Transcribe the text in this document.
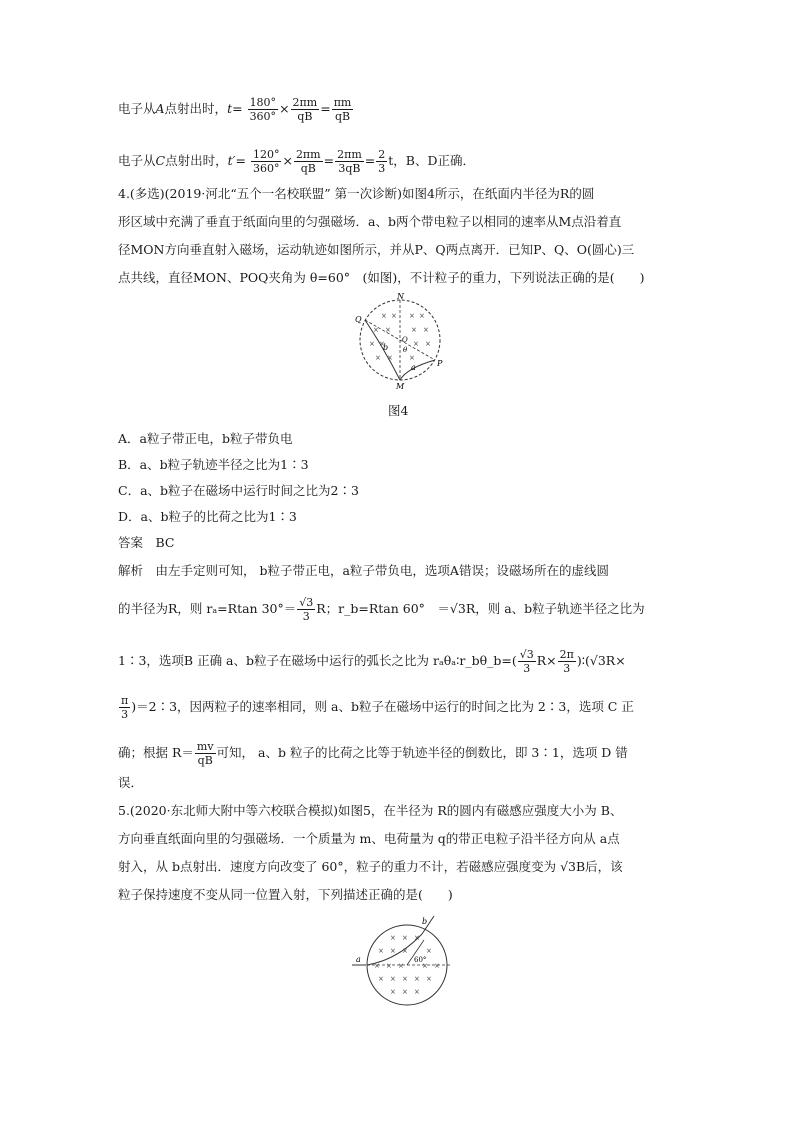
电子从A点射出时，$t= \frac{180^\circ}{360^\circ} \times \frac{2\pi m}{qB} = \frac{\pi m}{qB}$
电子从C点射出时，$t'= \frac{120^\circ}{360^\circ} \times \frac{2\pi m}{qB} = \frac{2\pi m}{3qB} = \frac{2}{3}$ t，B、D正确．
4.(多选)(2019·河北“五个一名校联盟” 第一次诊断)如图4所示，在纸面内半径为R的圆
形区域中充满了垂直于纸面向里的匀强磁场．a、b两个带电粒子以相同的速率从M点沿着直
径MON方向垂直射入磁场，运动轨迹如图所示，并从P、Q两点离开．已知P、Q、O(圆心)三
点共线，直径MON、POQ夹角为 θ=60°　(如图)，不计粒子的重力，下列说法正确的是(　　)
× × × ×
× ×	× ×
× ×	× ×
× × ×
N
Q
O
θ
b
a	P
M
图4
A．a粒子带正电，b粒子带负电
B．a、b粒子轨迹半径之比为1∶3
C．a、b粒子在磁场中运行时间之比为2∶3
D．a、b粒子的比荷之比为1∶3
答案　BC
解析　由左手定则可知， b粒子带正电，a粒子带负电，选项A错误；设磁场所在的虚线圆
的半径为R，则 rₐ=Rtan $30^\circ= \frac{√3}{3}$ R；r_b=Rtan 60°　＝√3R，则 a、b粒子轨迹半径之比为
1∶3，选项B 正确 a、b粒子在磁场中运行的弧长之比为 rₐθₐ∶r_bθ_b=( $\frac{√3}{3} R\times \frac{2\pi}{3}$ )∶(√3R×
$\frac{\pi}{3}$ )＝2∶3，因两粒子的速率相同，则 a、b粒子在磁场中运行的时间之比为 2∶3，选项 C 正
确；根据 $R= \frac{mv}{qB}$ 可知， a、b 粒子的比荷之比等于轨迹半径的倒数比，即 3∶1，选项 D 错
误．
5.(2020·东北师大附中等六校联合模拟)如图5，在半径为 R的圆内有磁感应强度大小为 B、
方向垂直纸面向里的匀强磁场．一个质量为 m、电荷量为 q的带正电粒子沿半径方向从 a点
射入，从 b点射出．速度方向改变了 60°，粒子的重力不计，若磁感应强度变为 √3B后，该
粒子保持速度不变从同一位置入射，下列描述正确的是(　　)
× × ×
× × ×	×
× × ×	× ×
× × × × ×
× × ×
a
b
60°
